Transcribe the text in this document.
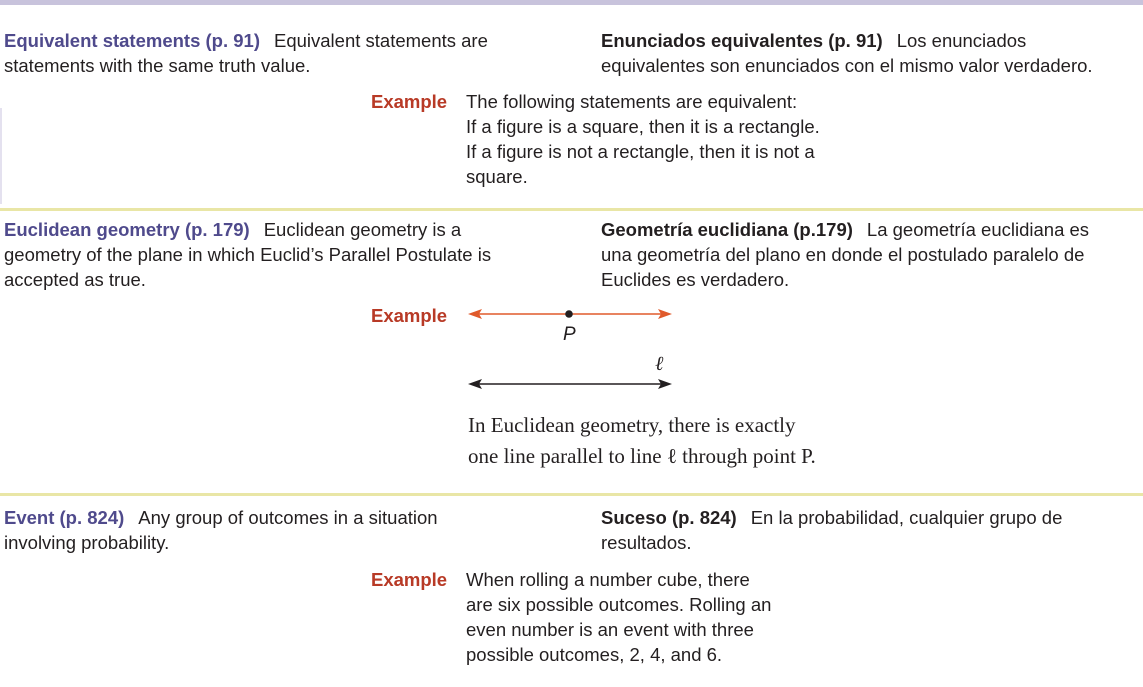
Equivalent statements (p. 91) Equivalent statements are
statements with the same truth value.
Enunciados equivalentes (p. 91) Los enunciados
equivalentes son enunciados con el mismo valor verdadero.
Example The following statements are equivalent:
If a figure is a square, then it is a rectangle.
If a figure is not a rectangle, then it is not a
square.
Euclidean geometry (p. 179) Euclidean geometry is a
geometry of the plane in which Euclid’s Parallel Postulate is
accepted as true.
Geometría euclidiana (p.179) La geometría euclidiana es
una geometría del plano en donde el postulado paralelo de
Euclides es verdadero.
Example
P
ℓ
In Euclidean geometry, there is exactly
one line parallel to line ℓ through point P.
Event (p. 824) Any group of outcomes in a situation
involving probability.
Suceso (p. 824) En la probabilidad, cualquier grupo de
resultados.
Example When rolling a number cube, there
are six possible outcomes. Rolling an
even number is an event with three
possible outcomes, 2, 4, and 6.
